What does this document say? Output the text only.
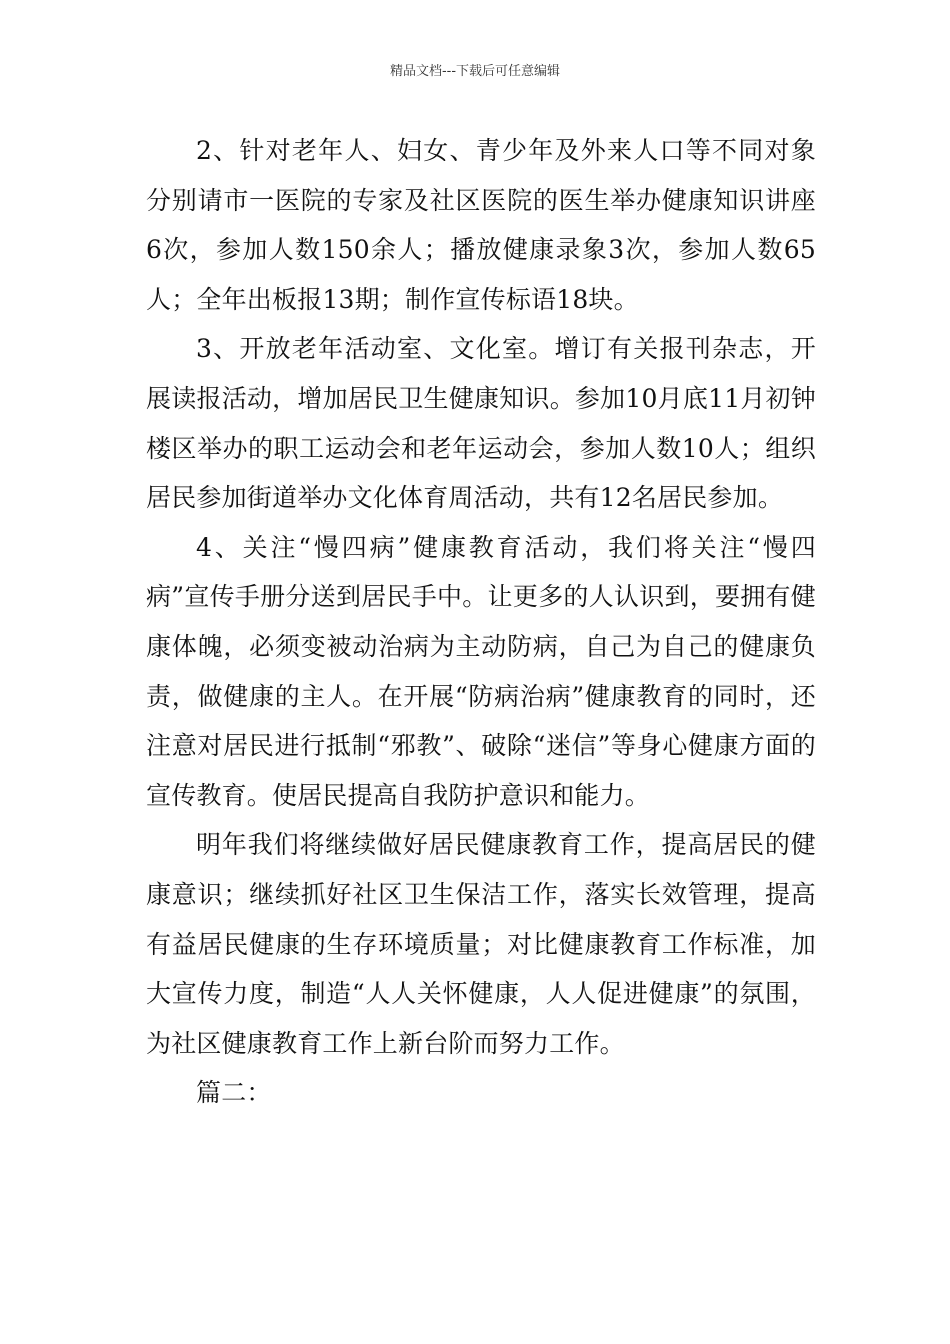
精品文档---下载后可任意编辑

2、针对老年人、妇女、青少年及外来人口等不同对象分别请市一医院的专家及社区医院的医生举办健康知识讲座6次，参加人数150余人；播放健康录象3次，参加人数65人；全年出板报13期；制作宣传标语18块。

3、开放老年活动室、文化室。增订有关报刊杂志，开展读报活动，增加居民卫生健康知识。参加10月底11月初钟楼区举办的职工运动会和老年运动会，参加人数10人；组织居民参加街道举办文化体育周活动，共有12名居民参加。

4、关注“慢四病”健康教育活动，我们将关注“慢四病”宣传手册分送到居民手中。让更多的人认识到，要拥有健康体魄，必须变被动治病为主动防病，自己为自己的健康负责，做健康的主人。在开展“防病治病”健康教育的同时，还注意对居民进行抵制“邪教”、破除“迷信”等身心健康方面的宣传教育。使居民提高自我防护意识和能力。

明年我们将继续做好居民健康教育工作，提高居民的健康意识；继续抓好社区卫生保洁工作，落实长效管理，提高有益居民健康的生存环境质量；对比健康教育工作标准，加大宣传力度，制造“人人关怀健康，人人促进健康”的氛围，为社区健康教育工作上新台阶而努力工作。

篇二：
